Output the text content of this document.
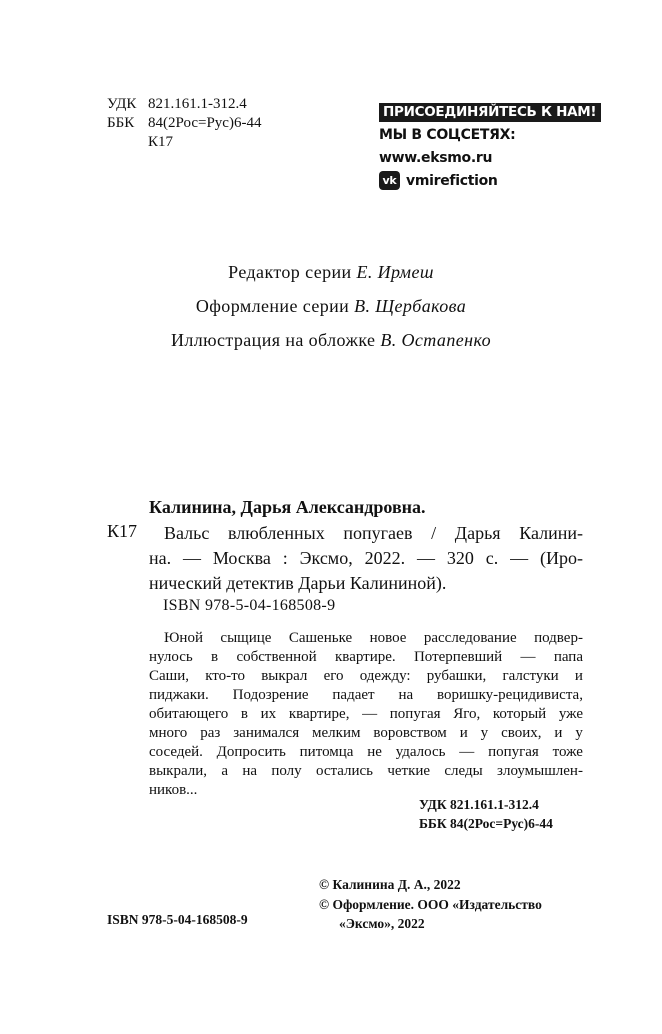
УДК 821.161.1-312.4
ББК 84(2Рос=Рус)6-44
К17
ПРИСОЕДИНЯЙТЕСЬ К НАМ!
МЫ В СОЦСЕТЯХ:
www.eksmo.ru
vk vmirefiction
Редактор серии Е. Ирмеш
Оформление серии В. Щербакова
Иллюстрация на обложке В. Остапенко
Калинина, Дарья Александровна.
К17 Вальс влюбленных попугаев / Дарья Калини-
на. — Москва : Эксмо, 2022. — 320 с. — (Иро-
нический детектив Дарьи Калининой).
ISBN 978-5-04-168508-9
Юной сыщице Сашеньке новое расследование подвер-
нулось в собственной квартире. Потерпевший — папа
Саши, кто-то выкрал его одежду: рубашки, галстуки и
пиджаки. Подозрение падает на воришку-рецидивиста,
обитающего в их квартире, — попугая Яго, который уже
много раз занимался мелким воровством и у своих, и у
соседей. Допросить питомца не удалось — попугая тоже
выкрали, а на полу остались четкие следы злоумышлен-
ников...
УДК 821.161.1-312.4
ББК 84(2Рос=Рус)6-44
© Калинина Д. А., 2022
© Оформление. ООО «Издательство
«Эксмо», 2022
ISBN 978-5-04-168508-9
